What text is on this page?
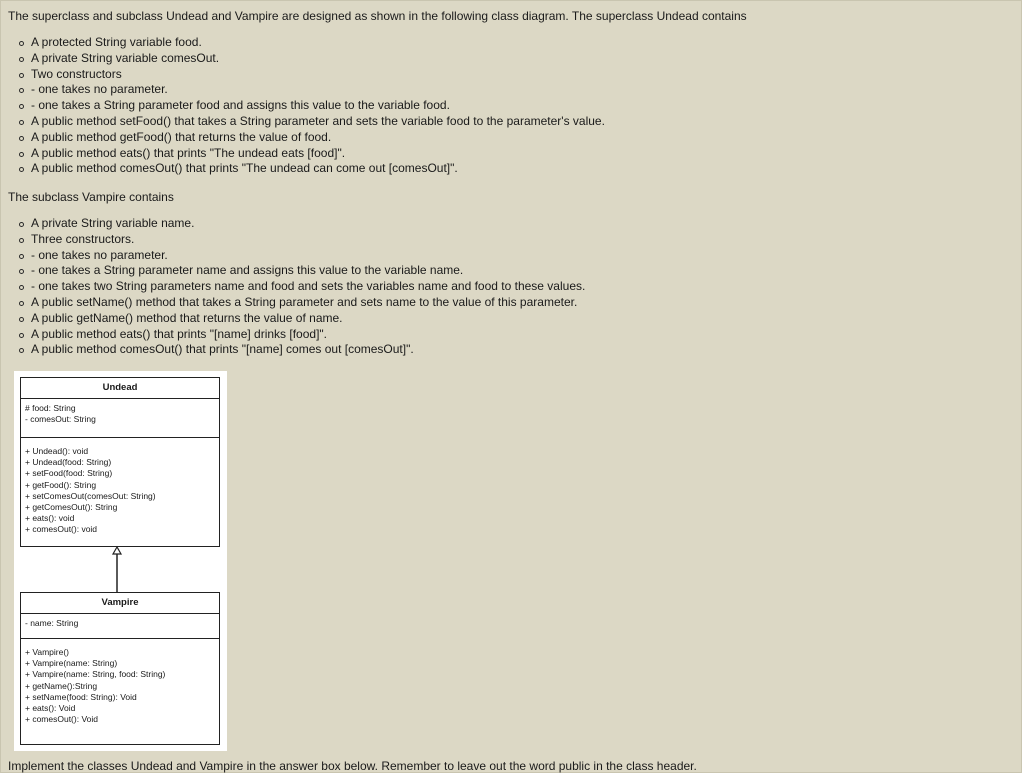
The superclass and subclass Undead and Vampire are designed as shown in the following class diagram. The superclass Undead contains
A protected String variable food.
A private String variable comesOut.
Two constructors
- one takes no parameter.
- one takes a String parameter food and assigns this value to the variable food.
A public method setFood() that takes a String parameter and sets the variable food to the parameter's value.
A public method getFood() that returns the value of food.
A public method eats() that prints "The undead eats [food]".
A public method comesOut() that prints "The undead can come out [comesOut]".
The subclass Vampire contains
A private String variable name.
Three constructors.
- one takes no parameter.
- one takes a String parameter name and assigns this value to the variable name.
- one takes two String parameters name and food and sets the variables name and food to these values.
A public setName() method that takes a String parameter and sets name to the value of this parameter.
A public getName() method that returns the value of name.
A public method eats() that prints "[name] drinks [food]".
A public method comesOut() that prints "[name] comes out [comesOut]".
Undead
# food: String
- comesOut: String
+ Undead(): void
+ Undead(food: String)
+ setFood(food: String)
+ getFood(): String
+ setComesOut(comesOut: String)
+ getComesOut(): String
+ eats(): void
+ comesOut(): void
Vampire
- name: String
+ Vampire()
+ Vampire(name: String)
+ Vampire(name: String, food: String)
+ getName():String
+ setName(food: String): Void
+ eats(): Void
+ comesOut(): Void
Implement the classes Undead and Vampire in the answer box below. Remember to leave out the word public in the class header.
